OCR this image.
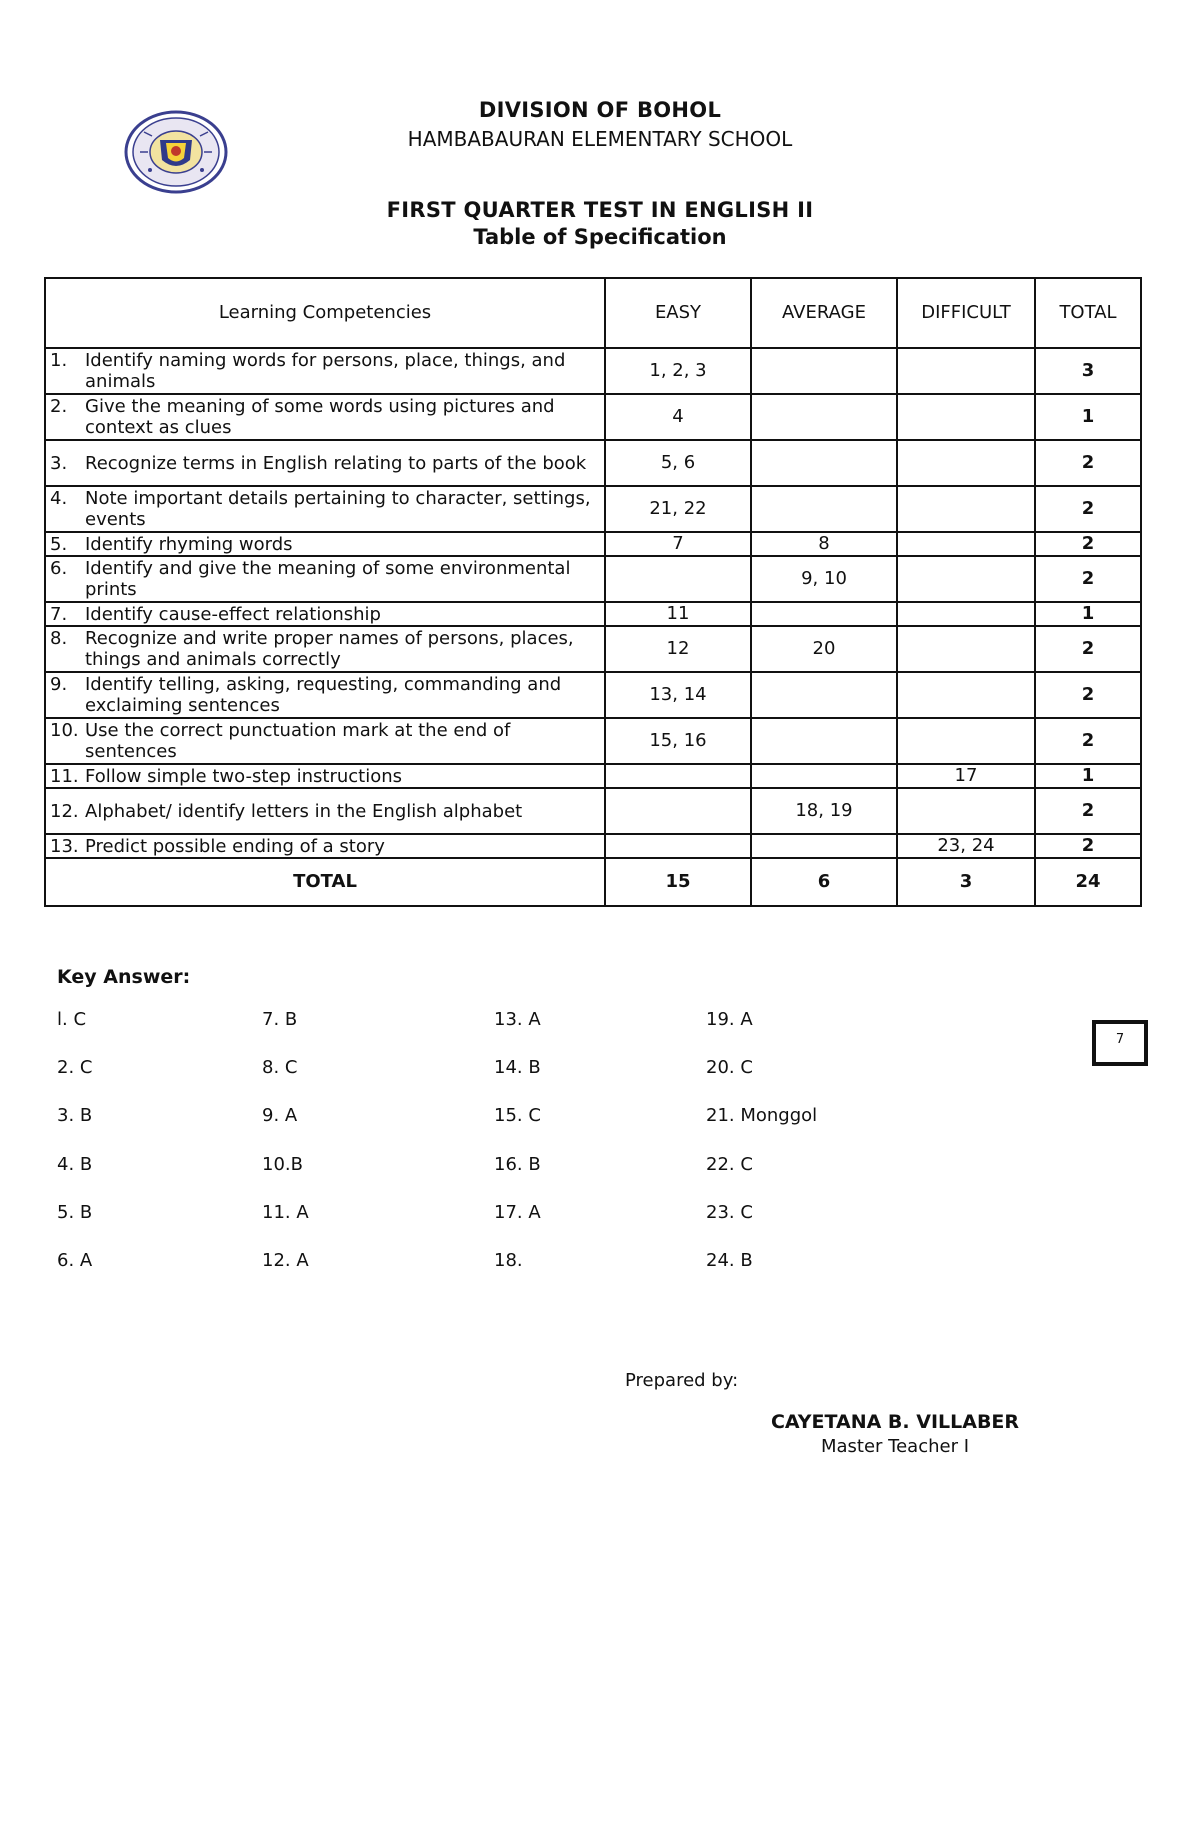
DIVISION OF BOHOL
HAMBABAURAN ELEMENTARY SCHOOL
FIRST QUARTER TEST IN ENGLISH II
Table of Specification
Learning Competencies	EASY	AVERAGE	DIFFICULT	TOTAL

1. Identify naming words for persons, place, things, and animals	1, 2, 3			3

2. Give the meaning of some words using pictures and context as clues	4			1

3. Recognize terms in English relating to parts of the book	5, 6			2

4. Note important details pertaining to character, settings, events	21, 22			2

5. Identify rhyming words	7	8		2

6. Identify and give the meaning of some environmental prints		9, 10		2

7. Identify cause-effect relationship	11			1

8. Recognize and write proper names of persons, places, things and animals correctly	12	20		2

9. Identify telling, asking, requesting, commanding and exclaiming sentences	13, 14			2

10. Use the correct punctuation mark at the end of sentences	15, 16			2

11. Follow simple two-step instructions			17	1

12. Alphabet/ identify letters in the English alphabet		18, 19		2

13. Predict possible ending of a story			23, 24	2
TOTAL	15	6	3	24
Key Answer:
l. C
2. C
3. B
4. B
5. B
6. A
7. B
8. C
9. A
10.B
11. A
12. A
13. A
14. B
15. C
16. B
17. A
18.
19. A
20. C
21. Monggol
22. C
23. C
24. B
7
Prepared by:
CAYETANA B. VILLABER
Master Teacher I
